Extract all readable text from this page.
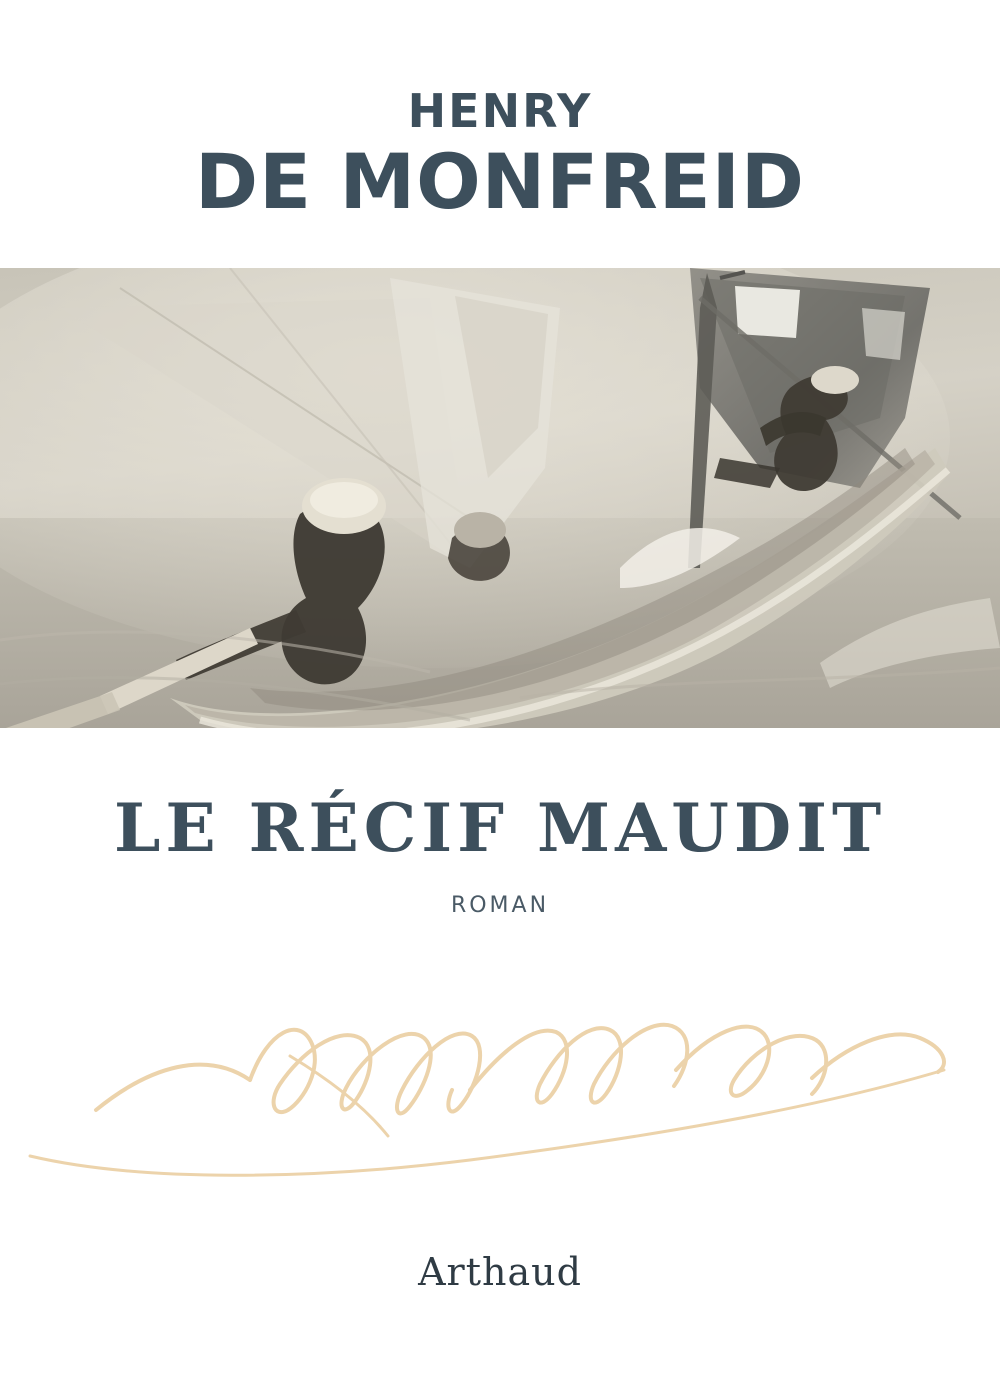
HENRY
DE MONFREID
LE RÉCIF MAUDIT
ROMAN
Arthaud
